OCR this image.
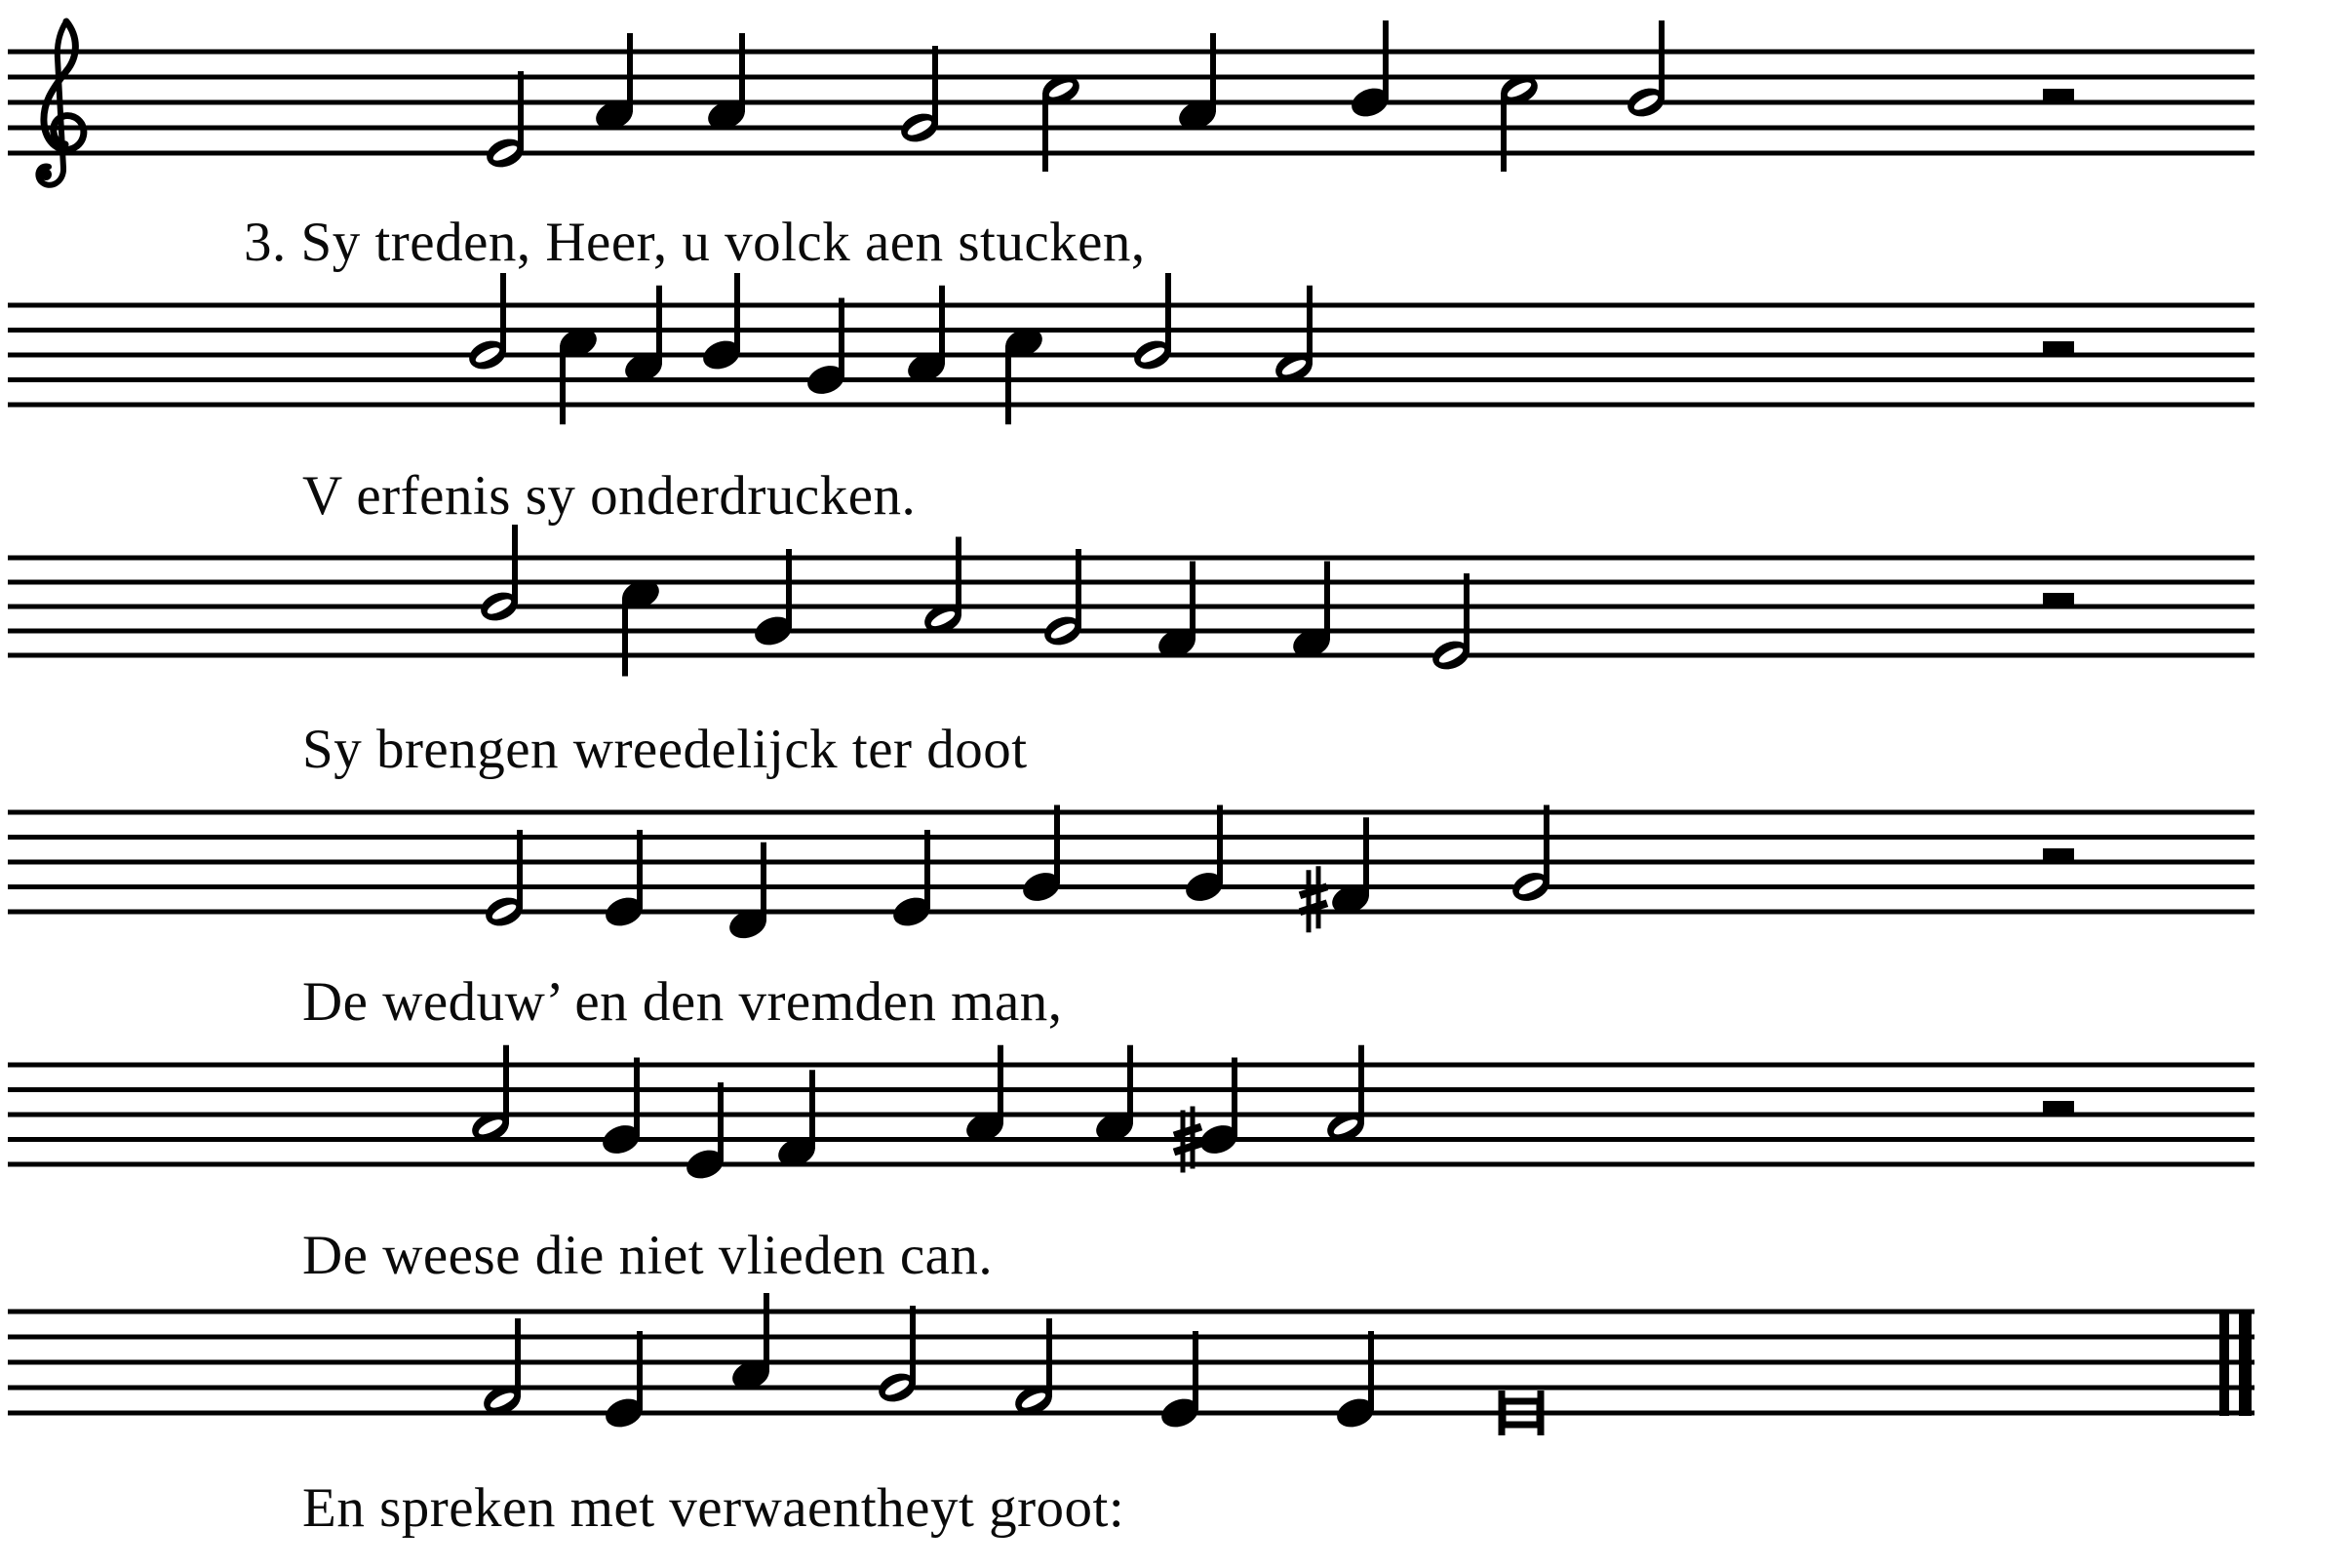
3. Sy treden, Heer, u volck aen stucken,
V erfenis sy onderdrucken.
Sy brengen wreedelijck ter doot
De weduw’ en den vremden man,
De weese die niet vlieden can.
En spreken met verwaentheyt groot:
